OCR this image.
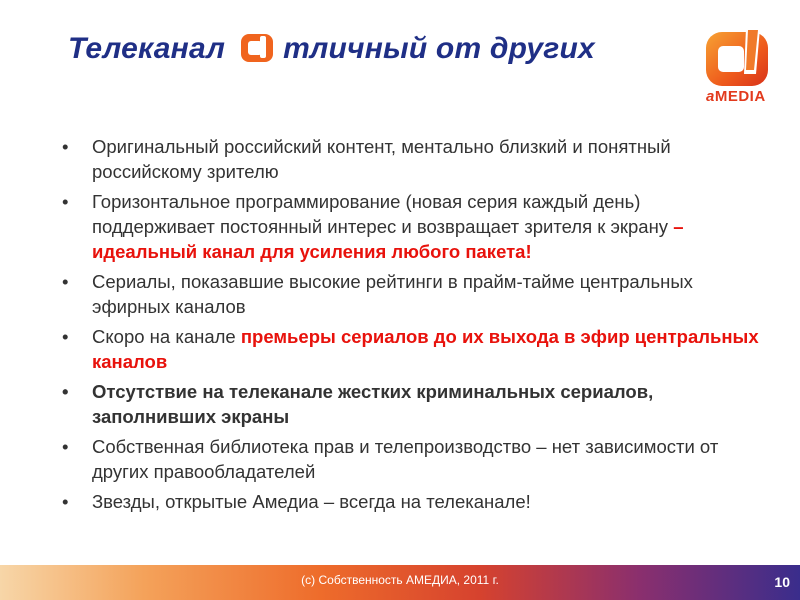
Телеканал тличный от других
aMEDIA
• Оригинальный российский контент, ментально близкий и понятный российскому зрителю
• Горизонтальное программирование (новая серия каждый день) поддерживает постоянный интерес и возвращает зрителя к экрану – идеальный канал для усиления любого пакета!
• Сериалы, показавшие высокие рейтинги в прайм-тайме центральных эфирных каналов
• Скоро на канале премьеры сериалов до их выхода в эфир центральных каналов
• Отсутствие на телеканале жестких криминальных сериалов, заполнивших экраны
• Собственная библиотека прав и телепроизводство – нет зависимости от других правообладателей
• Звезды, открытые Амедиа – всегда на телеканале!
(c) Собственность АМЕДИА, 2011 г.	10
